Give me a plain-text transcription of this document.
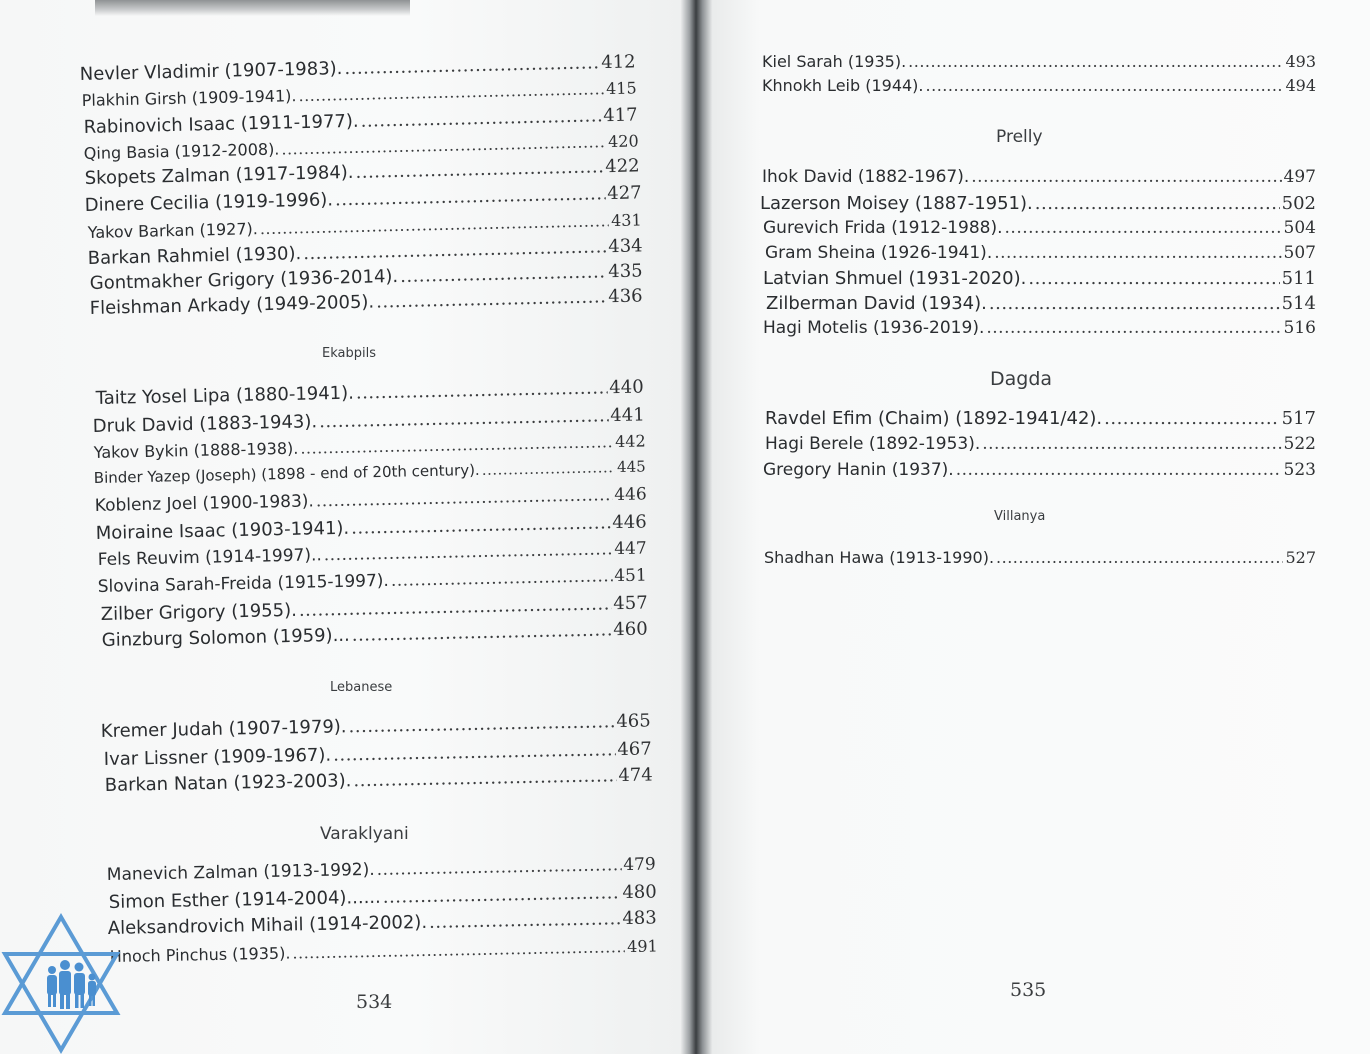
Nevler Vladimir (1907-1983). .....	412
Plakhin Girsh (1909-1941). .....	415
Rabinovich Isaac (1911-1977). .....	417
Qing Basia (1912-2008). .....	420
Skopets Zalman (1917-1984). .....	422
Dinere Cecilia (1919-1996). .....	427
Yakov Barkan (1927). .....	431
Barkan Rahmiel (1930). .....	434
Gontmakher Grigory (1936-2014). .....	435
Fleishman Arkady (1949-2005). .....	436
Ekabpils
Taitz Yosel Lipa (1880-1941). .....	440
Druk David (1883-1943). .....	441
Yakov Bykin (1888-1938). .....	442
Binder Yazep (Joseph) (1898 - end of 20th century). .....	445
Koblenz Joel (1900-1983). .....	446
Moiraine Isaac (1903-1941). .....	446
Fels Reuvim (1914-1997).. .....	447
Slovina Sarah-Freida (1915-1997). .....	451
Zilber Grigory (1955). .....	457
Ginzburg Solomon (1959)... .....	460
Lebanese
Kremer Judah (1907-1979). .....	465
Ivar Lissner (1909-1967). .....	467
Barkan Natan (1923-2003). .....	474
Varaklyani
Manevich Zalman (1913-1992). .....	479
Simon Esther (1914-2004)...... .....	480
Aleksandrovich Mihail (1914-2002). .....	483
Hnoch Pinchus (1935). .....	491
534
Kiel Sarah (1935). .....	493
Khnokh Leib (1944). .....	494
Prelly
Ihok David (1882-1967). .....	497
Lazerson Moisey (1887-1951). .....	502
Gurevich Frida (1912-1988). .....	504
Gram Sheina (1926-1941). .....	507
Latvian Shmuel (1931-2020). .....	511
Zilberman David (1934). .....	514
Hagi Motelis (1936-2019). .....	516
Dagda
Ravdel Efim (Chaim) (1892-1941/42). .....	517
Hagi Berele (1892-1953). .....	522
Gregory Hanin (1937). .....	523
Villanya
Shadhan Hawa (1913-1990). .....	527
535
